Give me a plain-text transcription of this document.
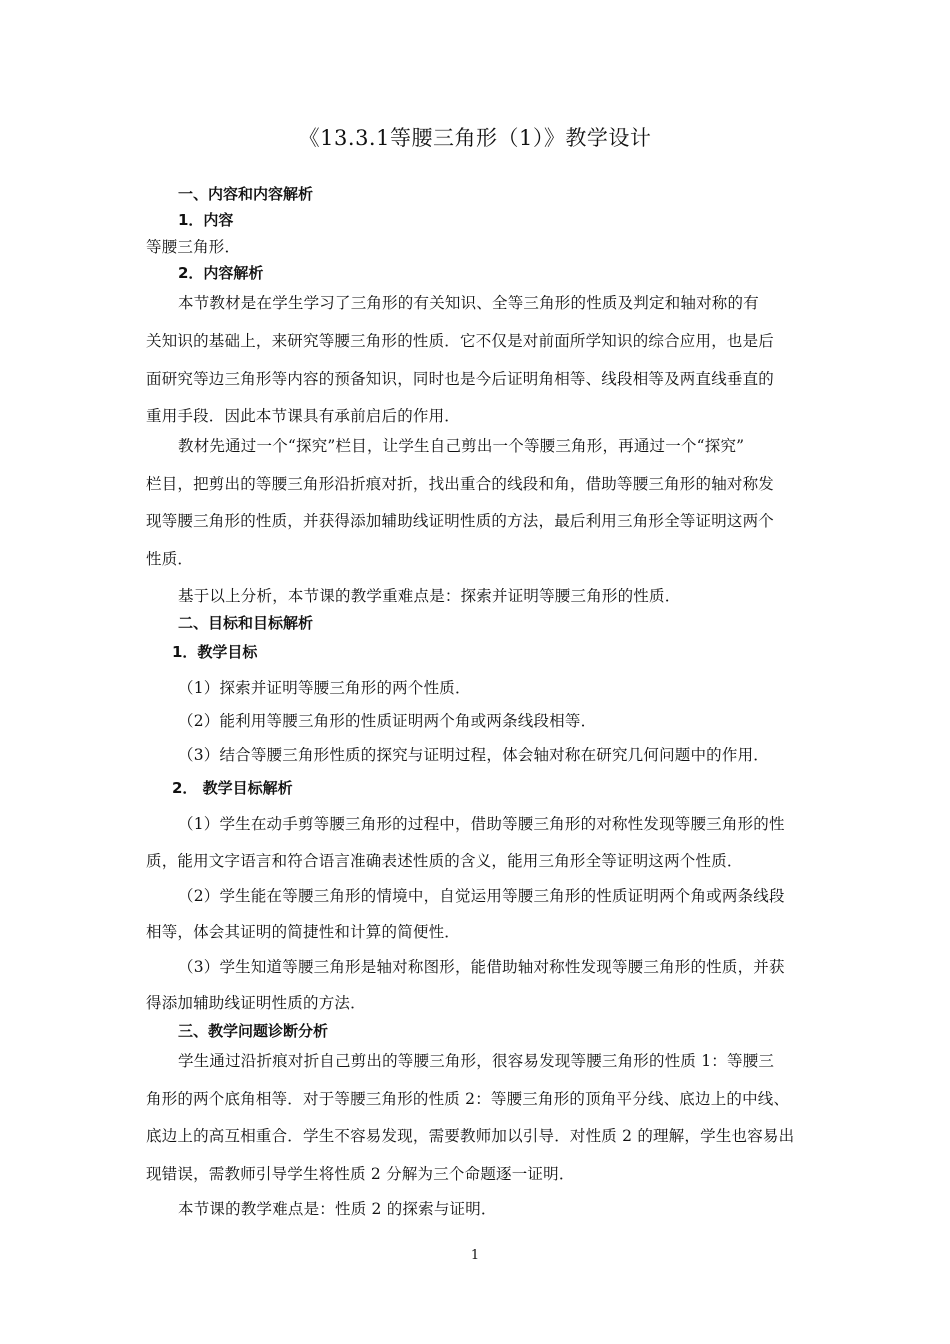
《13.3.1等腰三角形（1）》教学设计
一、内容和内容解析
1．内容
等腰三角形．
2．内容解析
本节教材是在学生学习了三角形的有关知识、全等三角形的性质及判定和轴对称的有
关知识的基础上，来研究等腰三角形的性质．它不仅是对前面所学知识的综合应用，也是后
面研究等边三角形等内容的预备知识，同时也是今后证明角相等、线段相等及两直线垂直的
重用手段．因此本节课具有承前启后的作用．
教材先通过一个“探究”栏目，让学生自己剪出一个等腰三角形，再通过一个“探究”
栏目，把剪出的等腰三角形沿折痕对折，找出重合的线段和角，借助等腰三角形的轴对称发
现等腰三角形的性质，并获得添加辅助线证明性质的方法，最后利用三角形全等证明这两个
性质．
基于以上分析，本节课的教学重难点是：探索并证明等腰三角形的性质．
二、目标和目标解析
1．教学目标
（1）探索并证明等腰三角形的两个性质．
（2）能利用等腰三角形的性质证明两个角或两条线段相等．
（3）结合等腰三角形性质的探究与证明过程，体会轴对称在研究几何问题中的作用．
2． 教学目标解析
（1）学生在动手剪等腰三角形的过程中，借助等腰三角形的对称性发现等腰三角形的性
质，能用文字语言和符合语言准确表述性质的含义，能用三角形全等证明这两个性质．
（2）学生能在等腰三角形的情境中，自觉运用等腰三角形的性质证明两个角或两条线段
相等，体会其证明的简捷性和计算的简便性．
（3）学生知道等腰三角形是轴对称图形，能借助轴对称性发现等腰三角形的性质，并获
得添加辅助线证明性质的方法．
三、教学问题诊断分析
学生通过沿折痕对折自己剪出的等腰三角形，很容易发现等腰三角形的性质 1：等腰三
角形的两个底角相等．对于等腰三角形的性质 2：等腰三角形的顶角平分线、底边上的中线、
底边上的高互相重合．学生不容易发现，需要教师加以引导．对性质 2 的理解，学生也容易出
现错误，需教师引导学生将性质 2 分解为三个命题逐一证明．
本节课的教学难点是：性质 2 的探索与证明．
1
